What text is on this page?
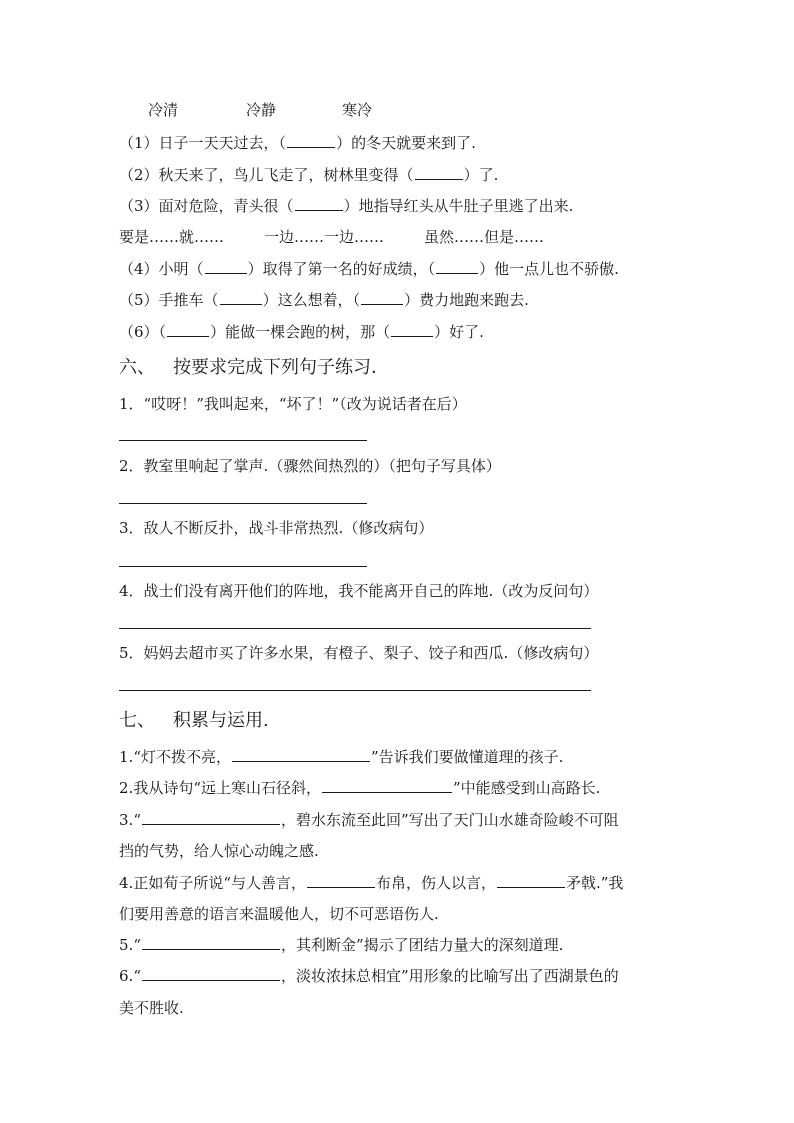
冷清	冷静	寒冷
（1）日子一天天过去，（	）的冬天就要来到了.
（2）秋天来了，鸟儿飞走了，树林里变得（	）了.
（3）面对危险，青头很（	）地指导红头从牛肚子里逃了出来.
要是……就……	一边……一边……	虽然……但是……
（4）小明（	）取得了第一名的好成绩，（	）他一点儿也不骄傲.
（5）手推车（	）这么想着，（	）费力地跑来跑去.
（6）（	）能做一棵会跑的树，那（	）好了.
六、 按要求完成下列句子练习．
1．“哎呀！”我叫起来，“坏了！”（改为说话者在后）
2．教室里响起了掌声.（骤然间热烈的）（把句子写具体）
3．敌人不断反扑，战斗非常热烈.（修改病句）
4．战士们没有离开他们的阵地，我不能离开自己的阵地.（改为反问句）
5．妈妈去超市买了许多水果，有橙子、梨子、饺子和西瓜.（修改病句）
七、 积累与运用.
1.“灯不拨不亮，	”告诉我们要做懂道理的孩子.
2.我从诗句“远上寒山石径斜，	”中能感受到山高路长.
3.“	，碧水东流至此回”写出了天门山水雄奇险峻不可阻
挡的气势，给人惊心动魄之感.
4.正如荀子所说“与人善言，	布帛，伤人以言，	矛戟.”我
们要用善意的语言来温暖他人，切不可恶语伤人.
5.“	，其利断金”揭示了团结力量大的深刻道理.
6.“	，淡妆浓抹总相宜”用形象的比喻写出了西湖景色的
美不胜收.
